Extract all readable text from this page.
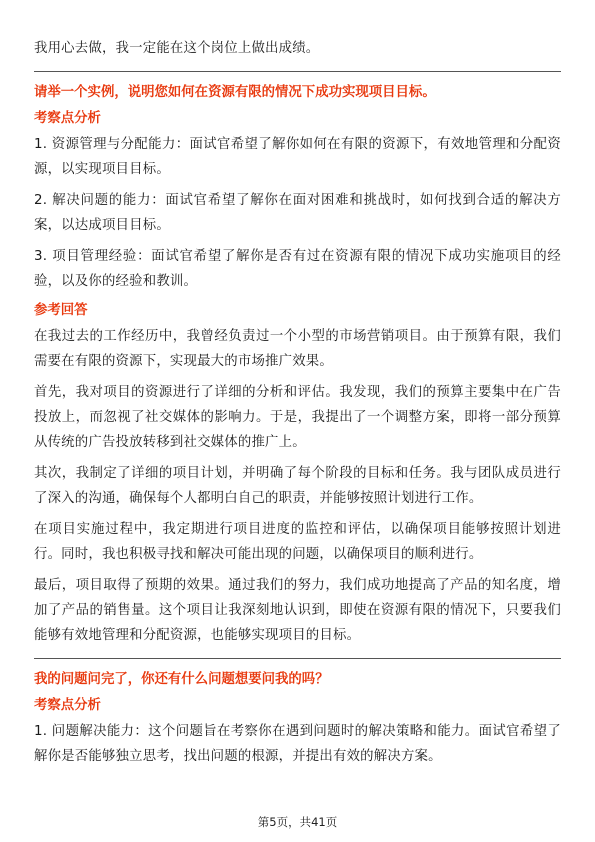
我用心去做，我一定能在这个岗位上做出成绩。

请举一个实例，说明您如何在资源有限的情况下成功实现项目目标。
考察点分析

1. 资源管理与分配能力：面试官希望了解你如何在有限的资源下，有效地管理和分配资源，以实现项目目标。

2. 解决问题的能力：面试官希望了解你在面对困难和挑战时，如何找到合适的解决方案，以达成项目目标。

3. 项目管理经验：面试官希望了解你是否有过在资源有限的情况下成功实施项目的经验，以及你的经验和教训。

参考回答

在我过去的工作经历中，我曾经负责过一个小型的市场营销项目。由于预算有限，我们需要在有限的资源下，实现最大的市场推广效果。

首先，我对项目的资源进行了详细的分析和评估。我发现，我们的预算主要集中在广告投放上，而忽视了社交媒体的影响力。于是，我提出了一个调整方案，即将一部分预算从传统的广告投放转移到社交媒体的推广上。

其次，我制定了详细的项目计划，并明确了每个阶段的目标和任务。我与团队成员进行了深入的沟通，确保每个人都明白自己的职责，并能够按照计划进行工作。

在项目实施过程中，我定期进行项目进度的监控和评估，以确保项目能够按照计划进行。同时，我也积极寻找和解决可能出现的问题，以确保项目的顺利进行。

最后，项目取得了预期的效果。通过我们的努力，我们成功地提高了产品的知名度，增加了产品的销售量。这个项目让我深刻地认识到，即使在资源有限的情况下，只要我们能够有效地管理和分配资源，也能够实现项目的目标。

我的问题问完了，你还有什么问题想要问我的吗？
考察点分析

1. 问题解决能力：这个问题旨在考察你在遇到问题时的解决策略和能力。面试官希望了解你是否能够独立思考，找出问题的根源，并提出有效的解决方案。

第5页，共41页
